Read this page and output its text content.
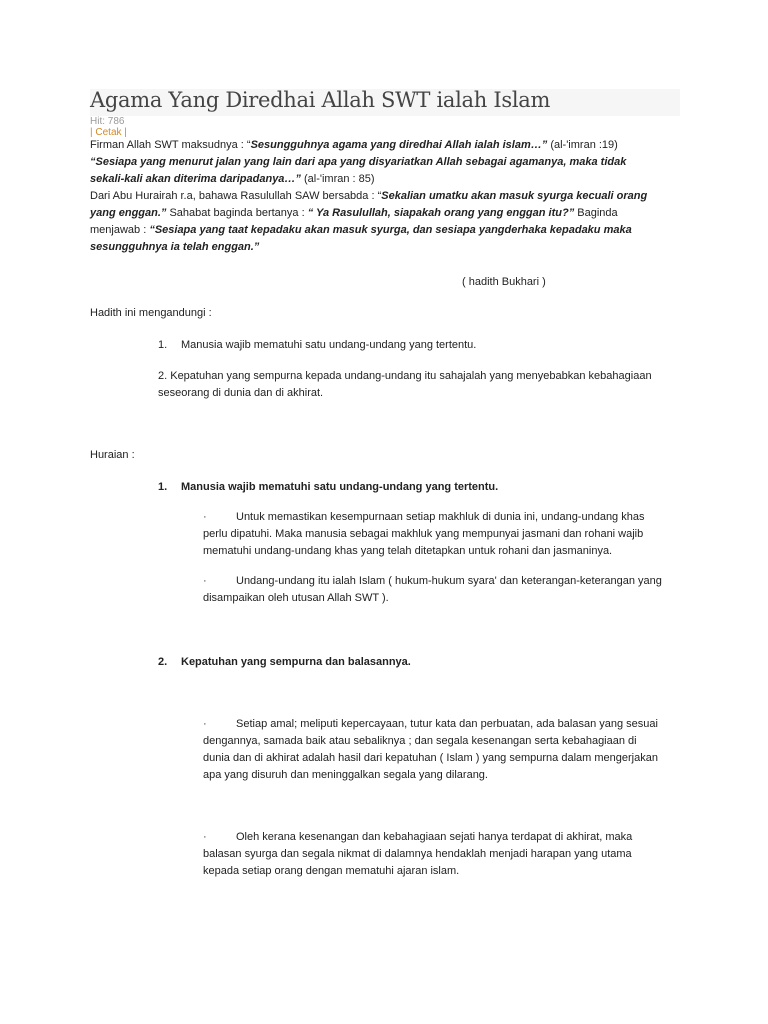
Agama Yang Diredhai Allah SWT ialah Islam
Hit: 786
| Cetak |
Firman Allah SWT maksudnya : “Sesungguhnya agama yang diredhai Allah ialah islam…” (al-'imran :19)
“Sesiapa yang menurut jalan yang lain dari apa yang disyariatkan Allah sebagai agamanya, maka tidak
sekali-kali akan diterima daripadanya…” (al-'imran : 85)
Dari Abu Hurairah r.a, bahawa Rasulullah SAW bersabda : “Sekalian umatku akan masuk syurga kecuali orang
yang enggan.” Sahabat baginda bertanya : “ Ya Rasulullah, siapakah orang yang enggan itu?” Baginda
menjawab : “Sesiapa yang taat kepadaku akan masuk syurga, dan sesiapa yangderhaka kepadaku maka
sesungguhnya ia telah enggan.”
( hadith Bukhari )
Hadith ini mengandungi :
1. Manusia wajib mematuhi satu undang-undang yang tertentu.
2. Kepatuhan yang sempurna kepada undang-undang itu sahajalah yang menyebabkan kebahagiaan
seseorang di dunia dan di akhirat.
Huraian :
1. Manusia wajib mematuhi satu undang-undang yang tertentu.
·	Untuk memastikan kesempurnaan setiap makhluk di dunia ini, undang-undang khas
perlu dipatuhi. Maka manusia sebagai makhluk yang mempunyai jasmani dan rohani wajib
mematuhi undang-undang khas yang telah ditetapkan untuk rohani dan jasmaninya.
·	Undang-undang itu ialah Islam ( hukum-hukum syara' dan keterangan-keterangan yang
disampaikan oleh utusan Allah SWT ).
2. Kepatuhan yang sempurna dan balasannya.
·	Setiap amal; meliputi kepercayaan, tutur kata dan perbuatan, ada balasan yang sesuai
dengannya, samada baik atau sebaliknya ; dan segala kesenangan serta kebahagiaan di
dunia dan di akhirat adalah hasil dari kepatuhan ( Islam ) yang sempurna dalam mengerjakan
apa yang disuruh dan meninggalkan segala yang dilarang.
·	Oleh kerana kesenangan dan kebahagiaan sejati hanya terdapat di akhirat, maka
balasan syurga dan segala nikmat di dalamnya hendaklah menjadi harapan yang utama
kepada setiap orang dengan mematuhi ajaran islam.
